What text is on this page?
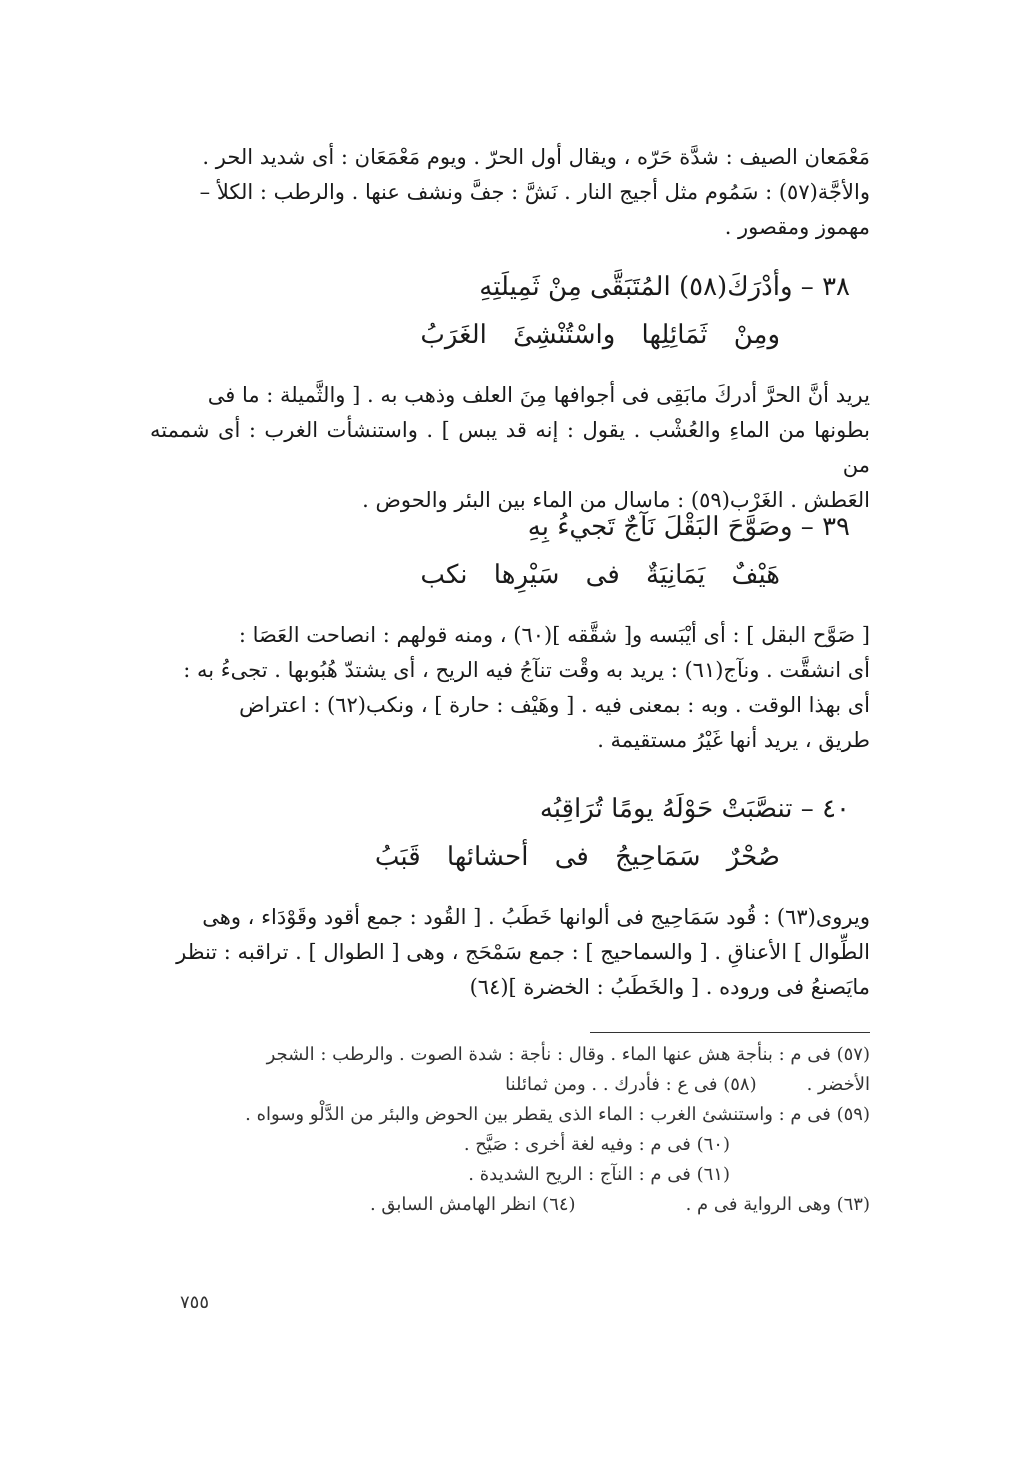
مَعْمَعان الصيف : شدَّة حَرّه ، ويقال أول الحرّ . ويوم مَعْمَعَان : أى شديد الحر .

والأجَّة(٥٧) : سَمُوم مثل أجيج النار . نَشَّ : جفَّ ونشف عنها . والرطب : الكلأ –

مهموز ومقصور .

٣٨ – وأدْرَكَ(٥٨) المُتَبَقَّى مِنْ ثَمِيلَتِهِ
ومِنْ ثَمَائِلِها واسْتُنْشِئَ الغَرَبُ

يريد أنَّ الحرَّ أدركَ مابَقِى فى أجوافها مِنَ العلف وذهب به . [ والثَّميلة : ما فى

بطونها من الماءِ والعُشْب . يقول : إنه قد يبس ] . واستنشأت الغرب : أى شممته من

العَطش . الغَرْب(٥٩) : ماسال من الماء بين البئر والحوض .

٣٩ – وصَوَّحَ البَقْلَ نَآجٌ تَجيءُ بِهِ
هَيْفٌ يَمَانِيَةٌ فى سَيْرِها نكب

[ صَوَّح البقل ] : أى أيْبَسه و[ شقَّقه ](٦٠) ، ومنه قولهم : انصاحت العَصَا :

أى انشقَّت . ونآج(٦١) : يريد به وقْت تنآجُ فيه الريح ، أى يشتدّ هُبُوبها . تجىءُ به :

أى بهذا الوقت . وبه : بمعنى فيه . [ وهَيْف : حارة ] ، ونكب(٦٢) : اعتراض

طريق ، يريد أنها غَيْرُ مستقيمة .

٤٠ – تنصَّبَتْ حَوْلَهُ يومًا تُرَاقِبُه
صُحْرٌ سَمَاحِيجُ فى أحشائها قَبَبُ

ويروى(٦٣) : قُود سَمَاحِيج فى ألوانها خَطَبُ . [ القُود : جمع أقود وقَوْدَاء ، وهى

الطِّوال ] الأعناقِ . [ والسماحيج ] : جمع سَمْحَج ، وهى [ الطوال ] . تراقبه : تنظر

مايَصنعُ فى وروده . [ والخَطَبُ : الخضرة ](٦٤)

(٥٧) فى م : بنأجة هش عنها الماء . وقال : نأجة : شدة الصوت . والرطب : الشجر

الأخضر .
(٥٨) فى ع : فأدرك . . ومن ثمائلنا

(٥٩) فى م : واستنشئ الغرب : الماء الذى يقطر بين الحوض والبئر من الدَّلْو وسواه .

(٦٠) فى م : وفيه لغة أخرى : صَيَّح .

(٦١) فى م : النآج : الريح الشديدة .

(٦٣) وهى الرواية فى م .
(٦٤) انظر الهامش السابق .
٧٥٥
